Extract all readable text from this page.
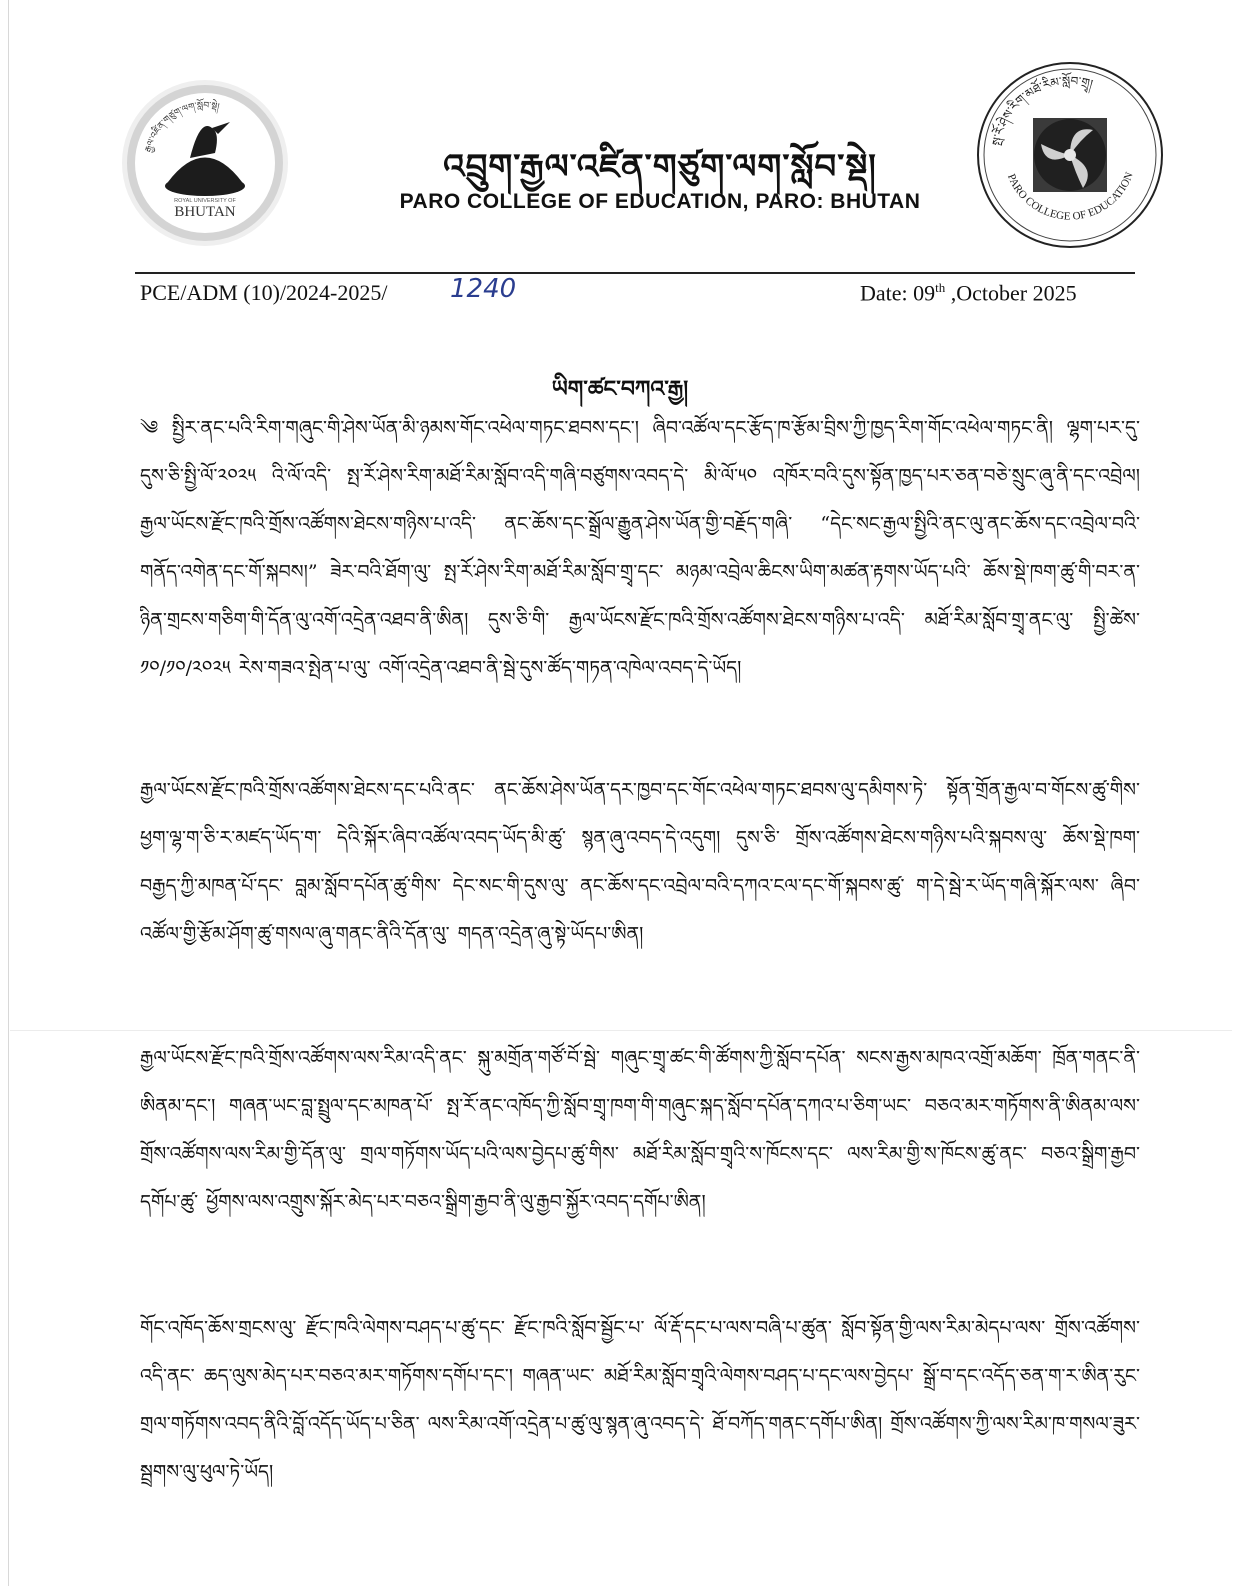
རྒྱལ་འཛིན་གཙུག་ལག་སློབ་སྡེ།
ROYAL UNIVERSITY OF
BHUTAN
འབྲུག་རྒྱལ་འཛིན་གཙུག་ལག་སློབ་སྡེ།
PARO COLLEGE OF EDUCATION, PARO: BHUTAN
སྤ་རོ་ཤེས་རིག་མཐོ་རིམ་སློབ་གྲྭ།
PARO COLLEGE OF EDUCATION
PCE/ADM (10)/2024-2025/ 1240	Date: 09th ,October 2025
ཡིག་ཚང་བཀའ་རྒྱ།
༄ སྤྱིར་ནང་པའི་རིག་གཞུང་གི་ཤེས་ཡོན་མི་ཉམས་གོང་འཕེལ་གཏང་ཐབས་དང་། ཞིབ་འཚོལ་དང་རྩོད་ཁ་རྩོམ་བྲིས་ཀྱི་ཁྱད་རིག་གོང་འཕེལ་གཏང་ནི། ལྷག་པར་དུ་ དུས་ཅི་སྤྱི་ལོ་༢༠༢༥ འི་ལོ་འདི་ སྤ་རོ་ཤེས་རིག་མཐོ་རིམ་སློབ་འདི་གཞི་བཙུགས་འབད་དེ་ མི་ལོ་༥༠ འཁོར་བའི་དུས་སྟོན་ཁྱད་པར་ཅན་བཅེ་སྲུང་ཞུ་ནི་དང་འབྲེལ། རྒྱལ་ཡོངས་རྫོང་ཁའི་གྲོས་འཚོགས་ཐེངས་གཉིས་པ་འདི་ ནང་ཆོས་དང་སྒྲོལ་རྒྱུན་ཤེས་ཡོན་གྱི་བརྗོད་གཞི་ “དེང་སང་རྒྱལ་སྤྱིའི་ནང་ལུ་ནང་ཆོས་དང་འབྲེལ་བའི་གནོད་འགེན་དང་གོ་སྐབས།” ཟེར་བའི་ཐོག་ལུ་ སྤ་རོ་ཤེས་རིག་མཐོ་རིམ་སློབ་གྲྭ་དང་ མཉམ་འབྲེལ་ཆིངས་ཡིག་མཚན་རྟགས་ཡོད་པའི་ ཆོས་སྡེ་ཁག་ཚུ་གི་བར་ན་ཉིན་གྲངས་གཅིག་གི་དོན་ལུ་འགོ་འདྲེན་འཐབ་ནི་ཨིན། དུས་ཅི་གི་ རྒྱལ་ཡོངས་རྫོང་ཁའི་གྲོས་འཚོགས་ཐེངས་གཉིས་པ་འདི་ མཐོ་རིམ་སློབ་གྲྭ་ནང་ལུ་ སྤྱི་ཚེས་༡༠/༡༠/༢༠༢༥ རེས་གཟའ་སྤེན་པ་ལུ་ འགོ་འདྲེན་འཐབ་ནི་སྦེ་དུས་ཚོད་གཏན་འཁེལ་འབད་དེ་ཡོད།
རྒྱལ་ཡོངས་རྫོང་ཁའི་གྲོས་འཚོགས་ཐེངས་དང་པའི་ནང་ ནང་ཆོས་ཤེས་ཡོན་དར་ཁྱབ་དང་གོང་འཕེལ་གཏང་ཐབས་ལུ་དམིགས་ཏེ་ སྟོན་གྲོན་རྒྱལ་བ་གོངས་ཚུ་གིས་ ཕྱག་ལྷ་ག་ཅི་ར་མཛད་ཡོད་ག་ དེའི་སྐོར་ཞིབ་འཚོལ་འབད་ཡོད་མི་ཚུ་ སྙན་ཞུ་འབད་དེ་འདུག། དུས་ཅི་ གྲོས་འཚོགས་ཐེངས་གཉིས་པའི་སྐབས་ལུ་ ཆོས་སྡེ་ཁག་བརྒྱད་ཀྱི་མཁན་པོ་དང་ བླམ་སློབ་དཔོན་ཚུ་གིས་ དེང་སང་གི་དུས་ལུ་ ནང་ཆོས་དང་འབྲེལ་བའི་དཀའ་ངལ་དང་གོ་སྐབས་ཚུ་ ག་དེ་སྦེ་ར་ཡོད་གཞི་སྐོར་ལས་ ཞིབ་འཚོལ་གྱི་རྩོམ་ཤོག་ཚུ་གསལ་ཞུ་གནང་ནིའི་དོན་ལུ་ གདན་འདྲེན་ཞུ་སྟེ་ཡོདཔ་ཨིན།
རྒྱལ་ཡོངས་རྫོང་ཁའི་གྲོས་འཚོགས་ལས་རིམ་འདི་ནང་ སྐུ་མགྲོན་གཙོ་བོ་སྦེ་ གཞུང་གྲྭ་ཚང་གི་ཚོགས་ཀྱི་སློབ་དཔོན་ སངས་རྒྱས་མཁའ་འགྲོ་མཆོག་ ཁྲོན་གནང་ནི་ཨིནམ་དང་། གཞན་ཡང་བླ་སྤྲུལ་དང་མཁན་པོ་ སྤ་རོ་ནང་འཁོད་ཀྱི་སློབ་གྲྭ་ཁག་གི་གཞུང་སྐད་སློབ་དཔོན་དཀའ་པ་ཅིག་ཡང་ བཅའ་མར་གཏོགས་ནི་ཨིནམ་ལས་ གྲོས་འཚོགས་ལས་རིམ་གྱི་དོན་ལུ་ གྲལ་གཏོགས་ཡོད་པའི་ལས་བྱེདཔ་ཚུ་གིས་ མཐོ་རིམ་སློབ་གྲྭའི་ས་ཁོངས་དང་ ལས་རིམ་གྱི་ས་ཁོངས་ཚུ་ནང་ བཅའ་སྒྲིག་རྒྱབ་དགོཔ་ཚུ་ ཕྱོགས་ལས་འགྲུས་སྐོར་མེད་པར་བཅའ་སྒྲིག་རྒྱབ་ནི་ལུ་རྒྱབ་སྐྱོར་འབད་དགོཔ་ཨིན།
གོང་འཁོད་ཆོས་གྲངས་ལུ་ རྫོང་ཁའི་ལེགས་བཤད་པ་ཚུ་དང་ རྫོང་ཁའི་སློབ་སྦྱོང་པ་ ལོ་རྡོ་དང་པ་ལས་བཞི་པ་ཚུན་ སློབ་སྟོན་གྱི་ལས་རིམ་མེདཔ་ལས་ གྲོས་འཚོགས་འདི་ནང་ ཆད་ལུས་མེད་པར་བཅའ་མར་གཏོགས་དགོཔ་དང་། གཞན་ཡང་ མཐོ་རིམ་སློབ་གྲྭའི་ལེགས་བཤད་པ་དང་ལས་བྱེདཔ་ སྒྲོ་བ་དང་འདོད་ཅན་ག་ར་ཨིན་རུང་ གྲལ་གཏོགས་འབད་ནིའི་བློ་འདོད་ཡོད་པ་ཅིན་ ལས་རིམ་འགོ་འདྲེན་པ་ཚུ་ལུ་སྙན་ཞུ་འབད་དེ་ ཐོ་བཀོད་གནང་དགོཔ་ཨིན། གྲོས་འཚོགས་ཀྱི་ལས་རིམ་ཁ་གསལ་ཟུར་སྦྲགས་ལུ་ཕུལ་ཏེ་ཡོད།
